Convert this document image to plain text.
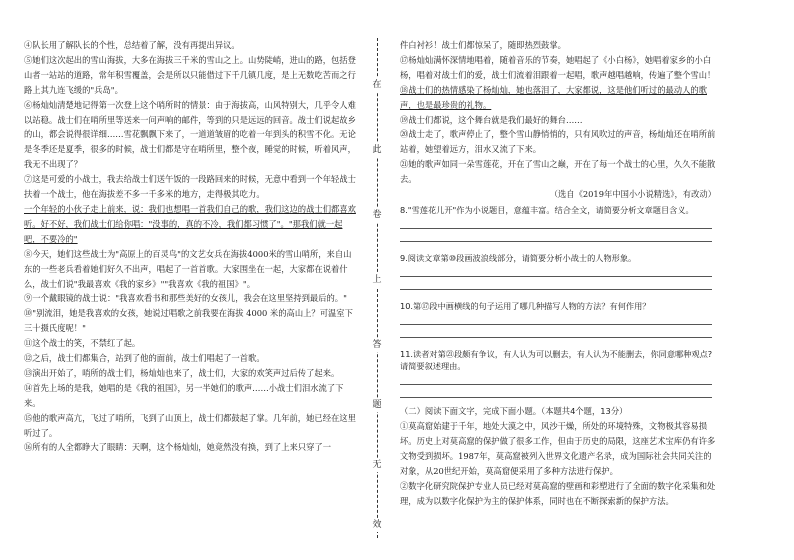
④队长用了解队长的个性，总结着了解，没有再提出异议。

⑤她们这次起出的雪山海拔，大多在海拔三千米的雪山之上。山势陡峭，进山的路，包括登山者一站站的道路，常年积雪覆盖，会是所以只能借过下千几镇几度，是上无数吃苦而之行路上其九连飞缓的"兵岛"。

⑥杨灿灿清楚地记得第一次登上这个哨所时的情景：由于海拔高，山风特别大，几乎令人难以站稳。战士们在哨所里等送来一问声响的邮件，等到的只是远远的回音。战士们说起故乡的山，都会说得很详细……雪花飘飘下来了，一道道皱眉的吃着一年到头的积雪不化。无论是冬季还是夏季，很多的时候，战士们都是守在哨所里，整个夜，睡觉的时候，听着风声，我无不出现了？

⑦这是可爱的小战士，我去给战士们送午饭的一段路回来的时候，无意中看到一个年轻战士扶着一个战士，他在海拔差不多一千多米的地方，走得极其吃力。

一个年轻的小伙子走上前来，说：我们也想唱一首我们自己的歌，我们这边的战士们都喜欢听。好不好，我们战士们给你唱："没事的，真的不冷，我们都习惯了"。"那我们就一起吧，不要冷的"

⑧今天，她们这些战士为"高原上的百灵鸟"的文艺女兵在海拔4000米的雪山哨所，来自山东的一些老兵看着她们好久不出声，唱起了一首首歌。大家围坐在一起，大家都在说着什么，战士们说"我最喜欢《我的家乡》""我喜欢《我的祖国》"。

⑨一个戴眼镜的战士说："我喜欢看书和那些美好的女孩儿，我会在这里坚持到最后的。"

⑩"别流泪，她是我喜欢的女孩，她说过唱歌之前我要在海拔 4000 米的高山上？可温室下三十摄氏度呢！"

⑪这个战士的笑，不禁红了起。

⑫之后，战士们都集合，站到了他的面前，战士们唱起了一首歌。

⑬演出开始了，哨所的战士们，杨灿灿也来了，战士们，大家的欢笑声过后传了起来。

⑭首先上场的是我，她唱的是《我的祖国》，另一半她们的歌声……小战士们泪水流了下来。

⑮他的歌声高亢，飞过了哨所，飞到了山顶上，战士们都鼓起了掌。几年前，她已经在这里听过了。

⑯所有的人全都睁大了眼睛：天啊，这个杨灿灿，她竟然没有换，到了上来只穿了一

在
此
卷
上
答
题
无
效

件白衬衫！战士们都惊呆了，随即热烈鼓掌。

⑰杨灿灿满怀深情地唱着，随着音乐的节奏，她唱起了《小白杨》，她唱着家乡的小白杨，唱着对战士们的爱，战士们流着泪跟着一起唱，歌声越唱越响，传遍了整个雪山！

⑱战士们的热情感染了杨灿灿，她也落泪了，大家都说，这是他们听过的最动人的歌声，也是最珍贵的礼物。

⑲战士们都说，这个舞台就是我们最好的舞台……

⑳战士走了，歌声停止了，整个雪山静悄悄的，只有风吹过的声音，杨灿灿还在哨所前站着，她望着远方，泪水又流了下来。

㉑她的歌声如同一朵雪莲花，开在了雪山之巅，开在了每一个战士的心里，久久不能散去。

（选自《2019年中国小小说精选》，有改动）

8."雪莲花儿开"作为小说题目，意蕴丰富。结合全文，请简要分析文章题目含义。

9.阅读文章第⑩段画波浪线部分，请简要分析小战士的人物形象。

10.第⑰段中画横线的句子运用了哪几种描写人物的方法？有何作用？

11.读者对第㉑段颇有争议，有人认为可以删去，有人认为不能删去，你同意哪种观点?请简要叙述理由。

（二）阅读下面文字，完成下面小题。（本题共4个题，13分）

①莫高窟始建于千年，地处大漠之中，风沙干燥，所处的环境特殊，文物极其容易损坏。历史上对莫高窟的保护做了很多工作，但由于历史的局限，这座艺术宝库仍有许多文物受到损坏。1987年，莫高窟被列入世界文化遗产名录，成为国际社会共同关注的对象，从20世纪开始，莫高窟便采用了多种方法进行保护。

②数字化研究院保护专业人员已经对莫高窟的壁画和彩塑进行了全面的数字化采集和处理，成为以数字化保护为主的保护体系，同时也在不断探索新的保护方法。
